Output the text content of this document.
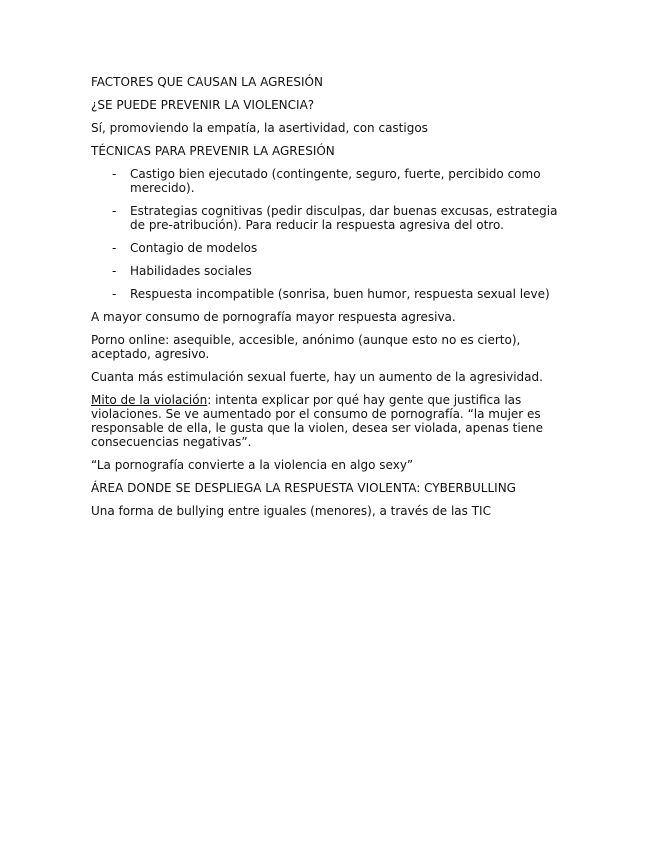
FACTORES QUE CAUSAN LA AGRESIÓN

¿SE PUEDE PREVENIR LA VIOLENCIA?

Sí, promoviendo la empatía, la asertividad, con castigos

TÉCNICAS PARA PREVENIR LA AGRESIÓN

- Castigo bien ejecutado (contingente, seguro, fuerte, percibido como merecido).
- Estrategias cognitivas (pedir disculpas, dar buenas excusas, estrategia de pre-atribución). Para reducir la respuesta agresiva del otro.
- Contagio de modelos
- Habilidades sociales
- Respuesta incompatible (sonrisa, buen humor, respuesta sexual leve)

A mayor consumo de pornografía mayor respuesta agresiva.

Porno online: asequible, accesible, anónimo (aunque esto no es cierto), aceptado, agresivo.

Cuanta más estimulación sexual fuerte, hay un aumento de la agresividad.

Mito de la violación: intenta explicar por qué hay gente que justifica las violaciones. Se ve aumentado por el consumo de pornografía. “la mujer es responsable de ella, le gusta que la violen, desea ser violada, apenas tiene consecuencias negativas”.

“La pornografía convierte a la violencia en algo sexy”

ÁREA DONDE SE DESPLIEGA LA RESPUESTA VIOLENTA: CYBERBULLING

Una forma de bullying entre iguales (menores), a través de las TIC
